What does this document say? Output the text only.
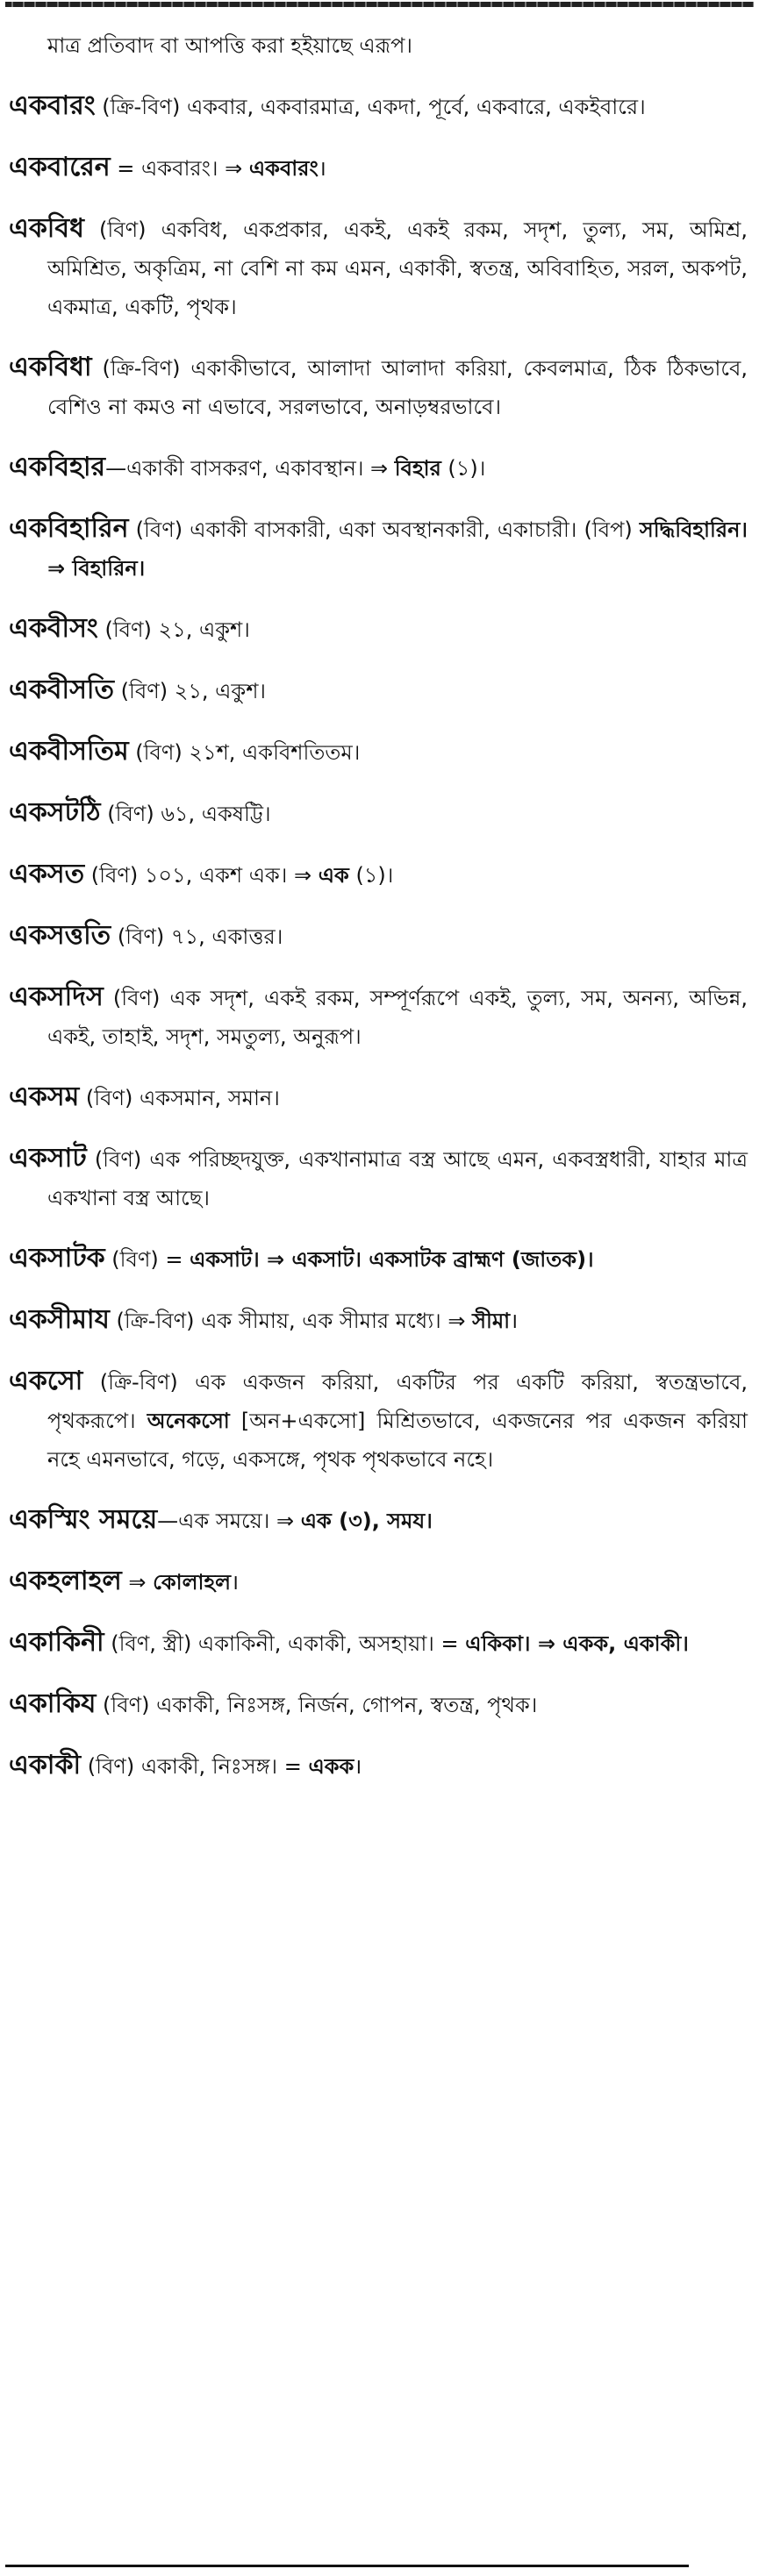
মাত্র প্রতিবাদ বা আপত্তি করা হইয়াছে এরূপ।

একবারং (ক্রি-বিণ) একবার, একবারমাত্র, একদা, পূর্বে, একবারে, একইবারে।

একবারেন = একবারং। ⇒ একবারং।

একবিধ (বিণ) একবিধ, একপ্রকার, একই, একই রকম, সদৃশ, তুল্য, সম, অমিশ্র, অমিশ্রিত, অকৃত্রিম, না বেশি না কম এমন, একাকী, স্বতন্ত্র, অবিবাহিত, সরল, অকপট, একমাত্র, একটি, পৃথক।

একবিধা (ক্রি-বিণ) একাকীভাবে, আলাদা আলাদা করিয়া, কেবলমাত্র, ঠিক ঠিকভাবে, বেশিও না কমও না এভাবে, সরলভাবে, অনাড়ম্বরভাবে।

একবিহার—একাকী বাসকরণ, একাবস্থান। ⇒ বিহার (১)।

একবিহারিন (বিণ) একাকী বাসকারী, একা অবস্থানকারী, একাচারী। (বিপ) সদ্ধিবিহারিন। ⇒ বিহারিন।

একবীসং (বিণ) ২১, একুশ।

একবীসতি (বিণ) ২১, একুশ।

একবীসতিম (বিণ) ২১শ, একবিশতিতম।

একসটঠি (বিণ) ৬১, একষট্টি।

একসত (বিণ) ১০১, একশ এক। ⇒ এক (১)।

একসত্ততি (বিণ) ৭১, একাত্তর।

একসদিস (বিণ) এক সদৃশ, একই রকম, সম্পূর্ণরূপে একই, তুল্য, সম, অনন্য, অভিন্ন, একই, তাহাই, সদৃশ, সমতুল্য, অনুরূপ।

একসম (বিণ) একসমান, সমান।

একসাট (বিণ) এক পরিচ্ছদযুক্ত, একখানামাত্র বস্ত্র আছে এমন, একবস্ত্রধারী, যাহার মাত্র একখানা বস্ত্র আছে।

একসাটক (বিণ) = একসাট। ⇒ একসাট। একসাটক ব্রাহ্মণ (জাতক)।

একসীমায (ক্রি-বিণ) এক সীমায়, এক সীমার মধ্যে। ⇒ সীমা।

একসো (ক্রি-বিণ) এক একজন করিয়া, একটির পর একটি করিয়া, স্বতন্ত্রভাবে, পৃথকরূপে। অনেকসো [অন+একসো] মিশ্রিতভাবে, একজনের পর একজন করিয়া নহে এমনভাবে, গড়ে, একসঙ্গে, পৃথক পৃথকভাবে নহে।

একস্মিং সময়ে—এক সময়ে। ⇒ এক (৩), সময।

একহলাহল ⇒ কোলাহল।

একাকিনী (বিণ, স্ত্রী) একাকিনী, একাকী, অসহায়া। = একিকা। ⇒ একক, একাকী।

একাকিয (বিণ) একাকী, নিঃসঙ্গ, নির্জন, গোপন, স্বতন্ত্র, পৃথক।

একাকী (বিণ) একাকী, নিঃসঙ্গ। = একক।
